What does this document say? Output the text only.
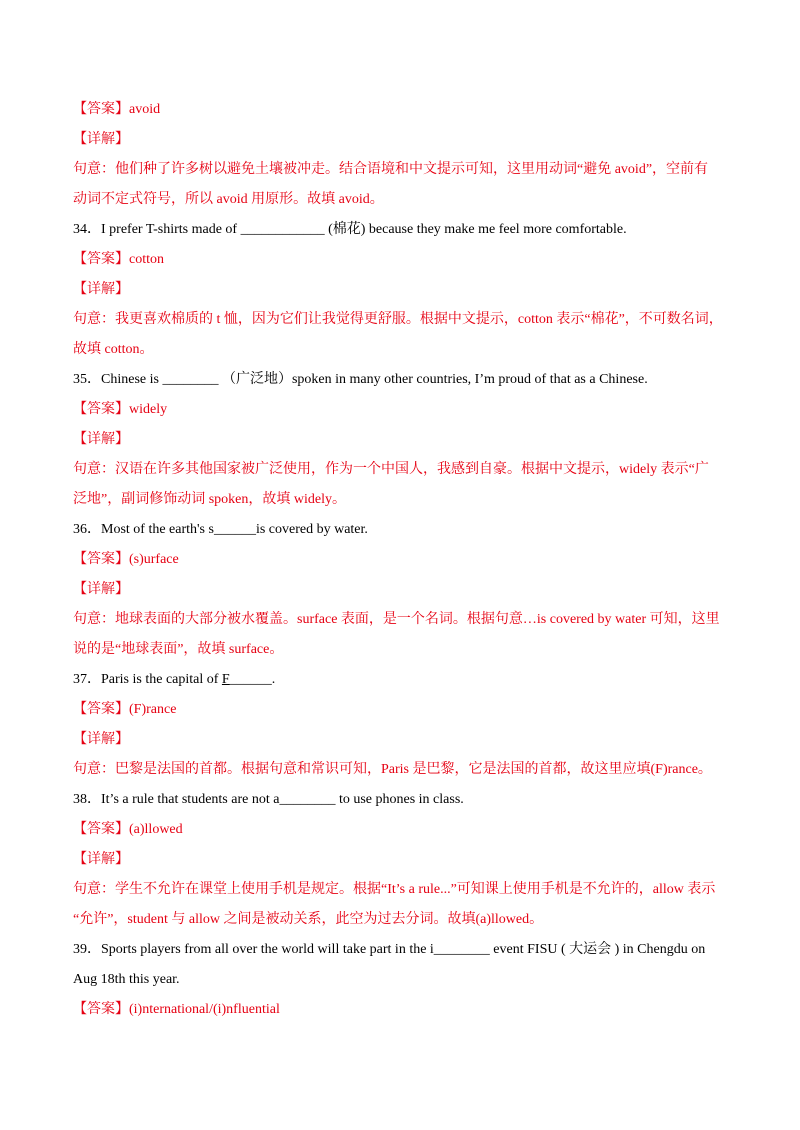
【答案】avoid
【详解】
句意：他们种了许多树以避免土壤被冲走。结合语境和中文提示可知，这里用动词“避免 avoid”，空前有
动词不定式符号，所以 avoid 用原形。故填 avoid。
34．I prefer T-shirts made of ____________ (棉花) because they make me feel more comfortable.
【答案】cotton
【详解】
句意：我更喜欢棉质的 t 恤，因为它们让我觉得更舒服。根据中文提示，cotton 表示“棉花”，不可数名词，
故填 cotton。
35．Chinese is ________ （广泛地）spoken in many other countries, I’m proud of that as a Chinese.
【答案】widely
【详解】
句意：汉语在许多其他国家被广泛使用，作为一个中国人，我感到自豪。根据中文提示，widely 表示“广
泛地”，副词修饰动词 spoken，故填 widely。
36．Most of the earth's s______is covered by water.
【答案】(s)urface
【详解】
句意：地球表面的大部分被水覆盖。surface 表面，是一个名词。根据句意…is covered by water 可知，这里
说的是“地球表面”，故填 surface。
37．Paris is the capital of F______.
【答案】(F)rance
【详解】
句意：巴黎是法国的首都。根据句意和常识可知，Paris 是巴黎，它是法国的首都，故这里应填(F)rance。
38．It’s a rule that students are not a________ to use phones in class.
【答案】(a)llowed
【详解】
句意：学生不允许在课堂上使用手机是规定。根据“It’s a rule...”可知课上使用手机是不允许的，allow 表示
“允许”，student 与 allow 之间是被动关系，此空为过去分词。故填(a)llowed。
39．Sports players from all over the world will take part in the i________ event FISU ( 大运会 ) in Chengdu on
Aug 18th this year.
【答案】(i)nternational/(i)nfluential
